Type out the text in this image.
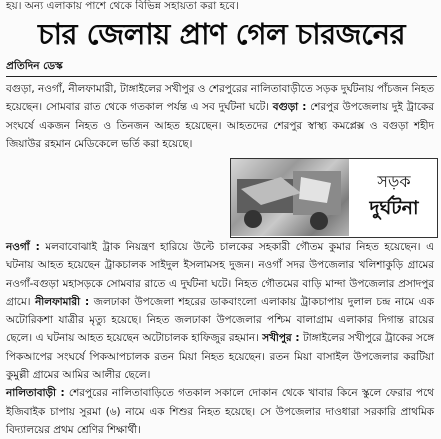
হয়। অন্য এলাকায় পাশে থেকে বিভিন্ন সহায়তা করা হবে।
চার জেলায় প্রাণ গেল চারজনের
প্রতিদিন ডেস্ক

বগুড়া, নওগাঁ, নীলফামারী, টাঙ্গাইলের সখীপুর ও শেরপুরের নালিতাবাড়ীতে সড়ক দুর্ঘটনায় পাঁচজন নিহত হয়েছেন। সোমবার রাত থেকে গতকাল পর্যন্ত এ সব দুর্ঘটনা ঘটে। বগুড়া : শেরপুর উপজেলায় দুই ট্রাকের সংঘর্ষে একজন নিহত ও তিনজন আহত হয়েছেন। আহতদের শেরপুর স্বাস্থ্য কমপ্লেক্স ও বগুড়া শহীদ জিয়াউর রহমান মেডিকেলে ভর্তি করা হয়েছে।

সড়ক
দুর্ঘটনা

নওগাঁ : মলবাবোঝাই ট্রাক নিয়ন্ত্রণ হারিয়ে উল্টে চালকের সহকারী গৌতম কুমার নিহত হয়েছেন। এ ঘটনায় আহত হয়েছেন ট্রাকচালক সাইদুল ইসলামসহ দুজন। নওগাঁ সদর উপজেলার খলিশাকুড়ি গ্রামের নওগাঁ-বগুড়া মহাসড়কে সোমবার রাতে এ দুর্ঘটনা ঘটে। নিহত গৌতমের বাড়ি মান্দা উপজেলার প্রসাদপুর গ্রামে। নীলফামারী : জলঢাকা উপজেলা শহরের ডাকবাংলো এলাকায় ট্রাকচাপায় দুলাল চন্দ্র নামে এক অটোরিকশা যাত্রীর মৃত্যু হয়েছে। নিহত জলঢাকা উপজেলার পশ্চিম বালাগ্রাম এলাকার দিগান্ত রায়ের ছেলে। এ ঘটনায় আহত হয়েছেন অটোচালক হাফিজুর রহমান। সখীপুর : টাঙ্গাইলের সখীপুরে ট্রাকের সঙ্গে পিকআপের সংঘর্ষে পিকআপচালক রতন মিয়া নিহত হয়েছেন। রতন মিয়া বাসাইল উপজেলার করটিয়া কুমুল্লী গ্রামের আমির আলীর ছেলে।

নালিতাবাড়ী : শেরপুরের নালিতাবাড়িতে গতকাল সকালে দোকান থেকে খাবার কিনে স্কুলে ফেরার পথে ইজিবাইক চাপায় সুরমা (৬) নামে এক শিশুর নিহত হয়েছে। সে উপজেলার দাওধারা সরকারি প্রাথমিক বিদ্যালয়ের প্রথম শ্রেণির শিক্ষার্থী।
